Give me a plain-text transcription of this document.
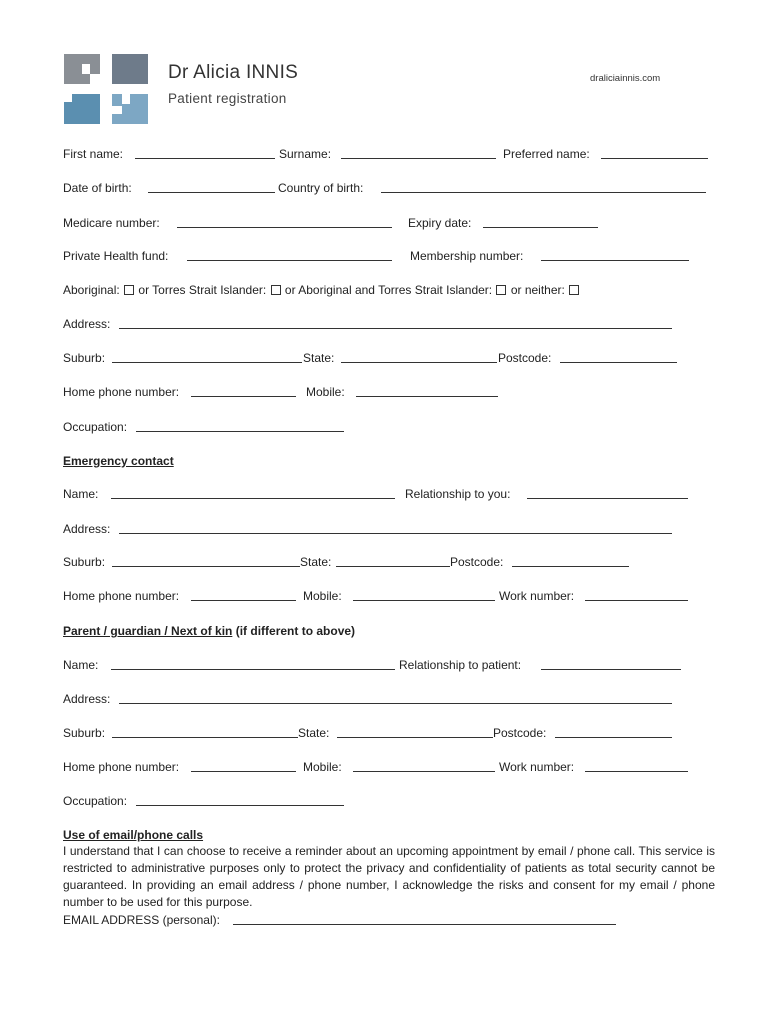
Dr Alicia INNIS
Patient registration
draliciainnis.com
First name:	Surname:	Preferred name:
Date of birth:	Country of birth:
Medicare number:	Expiry date:
Private Health fund:	Membership number:
Aboriginal: or Torres Strait Islander: or Aboriginal and Torres Strait Islander: or neither:
Address:
Suburb:	State:	Postcode:
Home phone number:	Mobile:
Occupation:
Emergency contact
Name:	Relationship to you:
Address:
Suburb:	State:	Postcode:
Home phone number:	Mobile:	Work number:
Parent / guardian / Next of kin (if different to above)
Name:	Relationship to patient:
Address:
Suburb:	State:	Postcode:
Home phone number:	Mobile:	Work number:
Occupation:
Use of email/phone calls
I understand that I can choose to receive a reminder about an upcoming appointment by email / phone call. This service is restricted to administrative purposes only to protect the privacy and confidentiality of patients as total security cannot be guaranteed. In providing an email address / phone number, I acknowledge the risks and consent for my email / phone number to be used for this purpose.
EMAIL ADDRESS (personal):
